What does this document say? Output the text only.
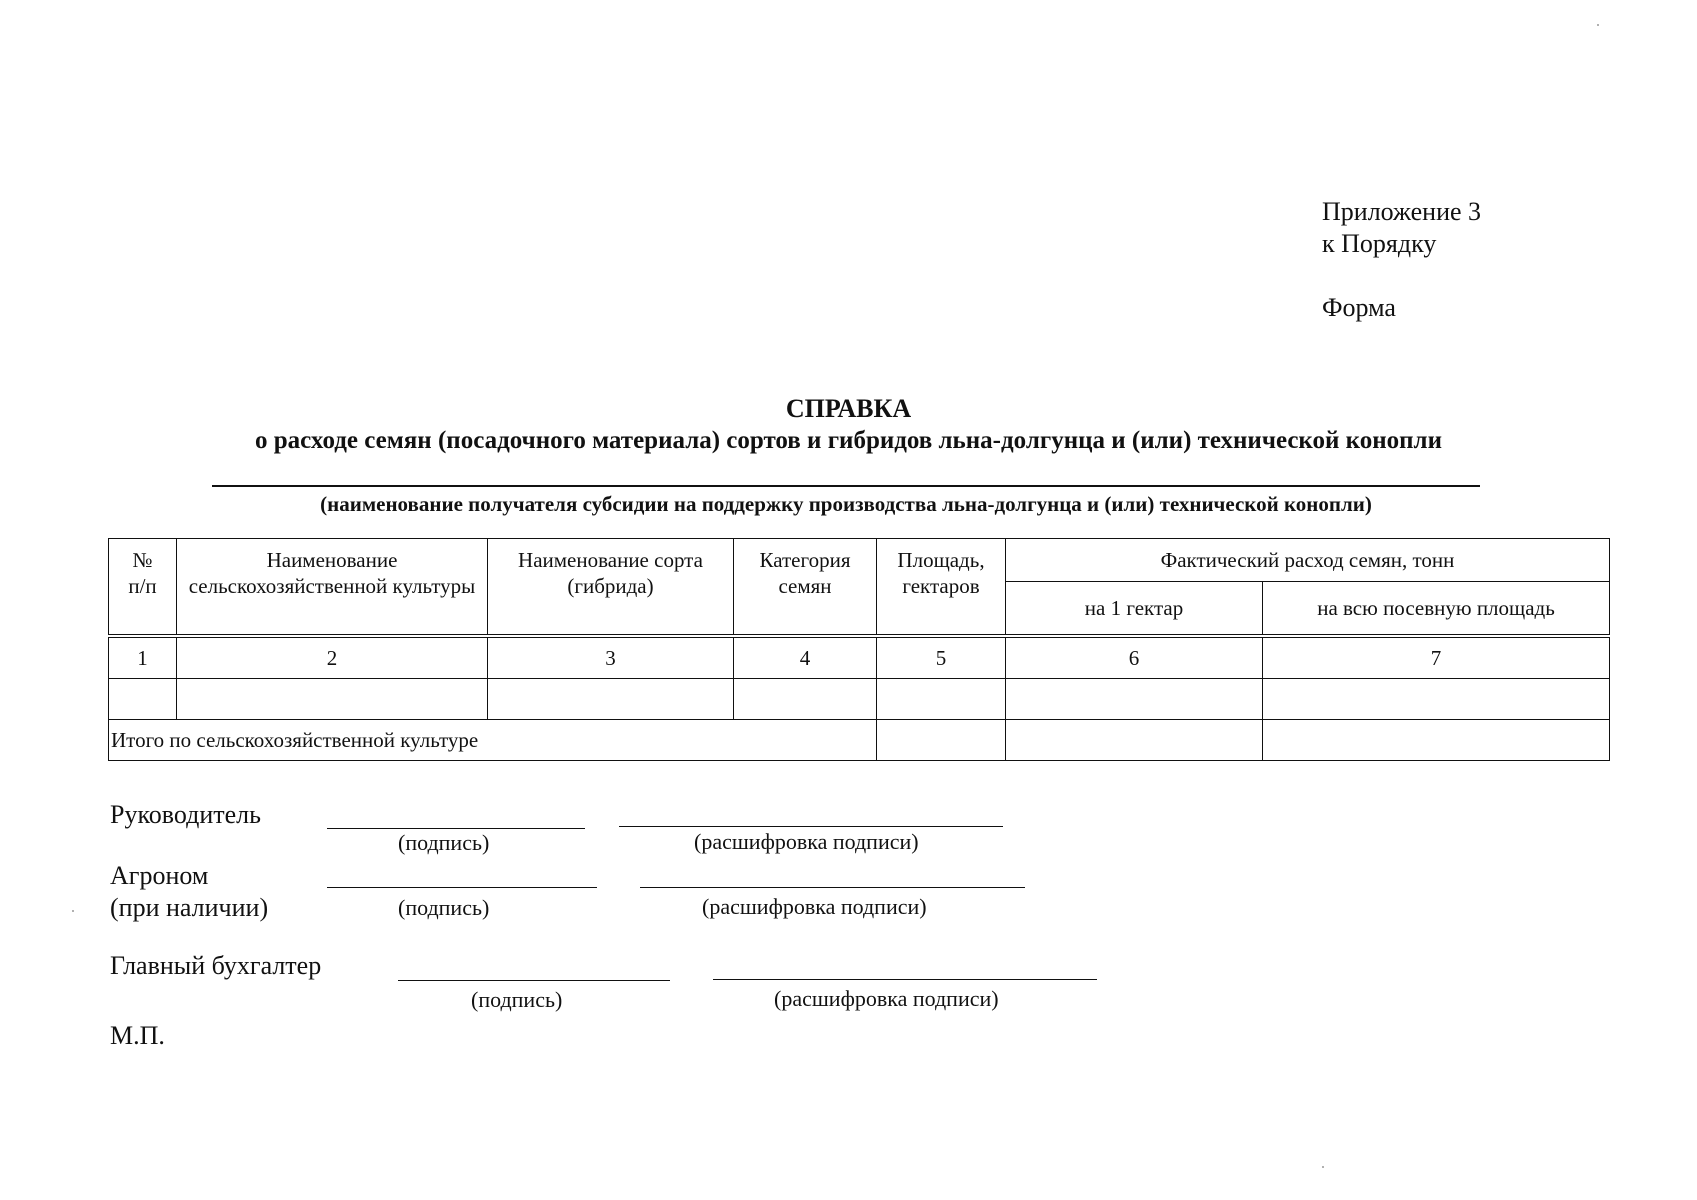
Приложение 3
к Порядку
Форма
СПРАВКА
о расходе семян (посадочного материала) сортов и гибридов льна-долгунца и (или) технической конопли
(наименование получателя субсидии на поддержку производства льна-долгунца и (или) технической конопли)
№
п/п	Наименование сельскохозяйственной культуры	Наименование сорта (гибрида)	Категория семян	Площадь, гектаров	Фактический расход семян, тонн	
					на 1 гектар	на всю посевную площадь
1	2	3	4	5	6	7

Итого по сельскохозяйственной культуре						
Руководитель
(подпись)	(расшифровка подписи)
Агроном
(при наличии)	(подпись)	(расшифровка подписи)
Главный бухгалтер
(подпись)	(расшифровка подписи)
М.П.
